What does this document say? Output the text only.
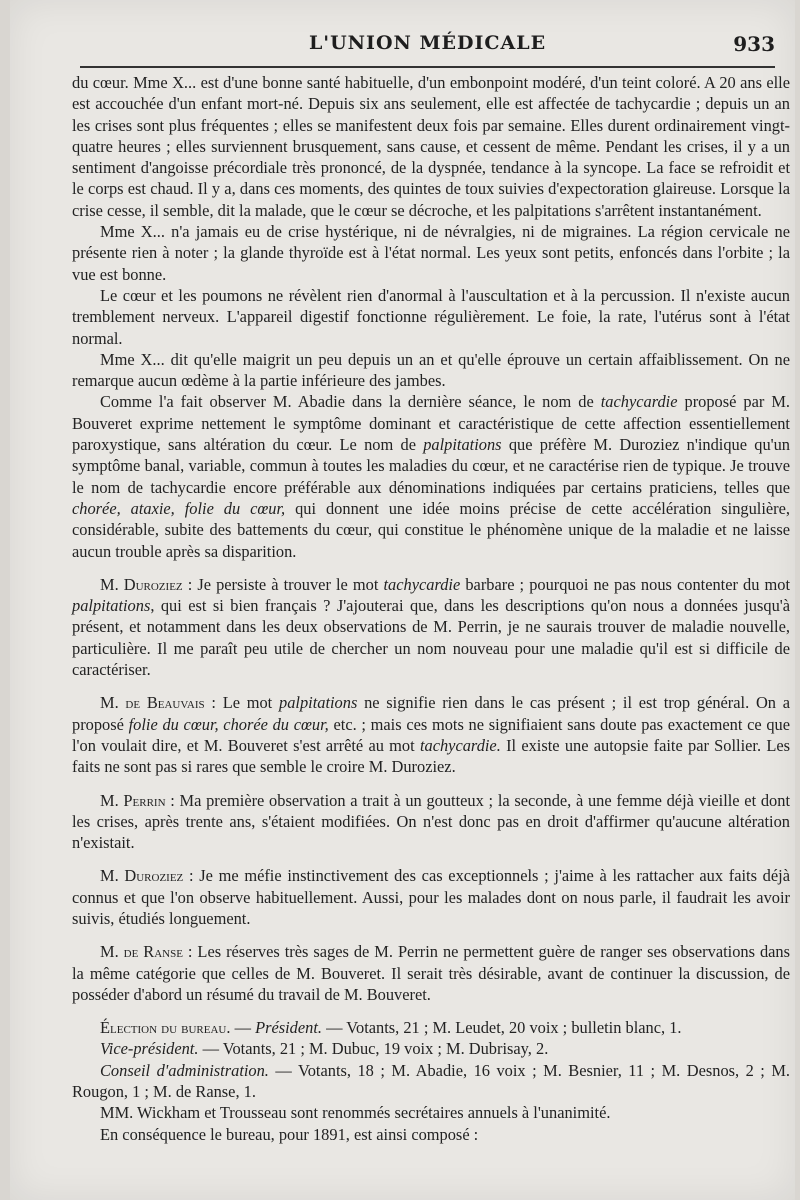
L'UNION MÉDICALE	933

du cœur. Mme X... est d'une bonne santé habituelle, d'un embonpoint modéré, d'un teint coloré. A 20 ans elle est accouchée d'un enfant mort-né. Depuis six ans seulement, elle est affectée de tachycardie ; depuis un an les crises sont plus fréquentes ; elles se manifestent deux fois par semaine. Elles durent ordinairement vingt-quatre heures ; elles surviennent brusquement, sans cause, et cessent de même. Pendant les crises, il y a un sentiment d'angoisse précordiale très prononcé, de la dyspnée, tendance à la syncope. La face se refroidit et le corps est chaud. Il y a, dans ces moments, des quintes de toux suivies d'expectoration glaireuse. Lorsque la crise cesse, il semble, dit la malade, que le cœur se décroche, et les palpitations s'arrêtent instantanément.

Mme X... n'a jamais eu de crise hystérique, ni de névralgies, ni de migraines. La région cervicale ne présente rien à noter ; la glande thyroïde est à l'état normal. Les yeux sont petits, enfoncés dans l'orbite ; la vue est bonne.

Le cœur et les poumons ne révèlent rien d'anormal à l'auscultation et à la percussion. Il n'existe aucun tremblement nerveux. L'appareil digestif fonctionne régulièrement. Le foie, la rate, l'utérus sont à l'état normal.

Mme X... dit qu'elle maigrit un peu depuis un an et qu'elle éprouve un certain affaiblissement. On ne remarque aucun œdème à la partie inférieure des jambes.

Comme l'a fait observer M. Abadie dans la dernière séance, le nom de tachycardie proposé par M. Bouveret exprime nettement le symptôme dominant et caractéristique de cette affection essentiellement paroxystique, sans altération du cœur. Le nom de palpitations que préfère M. Duroziez n'indique qu'un symptôme banal, variable, commun à toutes les maladies du cœur, et ne caractérise rien de typique. Je trouve le nom de tachycardie encore préférable aux dénominations indiquées par certains praticiens, telles que chorée, ataxie, folie du cœur, qui donnent une idée moins précise de cette accélération singulière, considérable, subite des battements du cœur, qui constitue le phénomène unique de la maladie et ne laisse aucun trouble après sa disparition.

M. Duroziez : Je persiste à trouver le mot tachycardie barbare ; pourquoi ne pas nous contenter du mot palpitations, qui est si bien français ? J'ajouterai que, dans les descriptions qu'on nous a données jusqu'à présent, et notamment dans les deux observations de M. Perrin, je ne saurais trouver de maladie nouvelle, particulière. Il me paraît peu utile de chercher un nom nouveau pour une maladie qu'il est si difficile de caractériser.

M. de Beauvais : Le mot palpitations ne signifie rien dans le cas présent ; il est trop général. On a proposé folie du cœur, chorée du cœur, etc. ; mais ces mots ne signifiaient sans doute pas exactement ce que l'on voulait dire, et M. Bouveret s'est arrêté au mot tachycardie. Il existe une autopsie faite par Sollier. Les faits ne sont pas si rares que semble le croire M. Duroziez.

M. Perrin : Ma première observation a trait à un goutteux ; la seconde, à une femme déjà vieille et dont les crises, après trente ans, s'étaient modifiées. On n'est donc pas en droit d'affirmer qu'aucune altération n'existait.

M. Duroziez : Je me méfie instinctivement des cas exceptionnels ; j'aime à les rattacher aux faits déjà connus et que l'on observe habituellement. Aussi, pour les malades dont on nous parle, il faudrait les avoir suivis, étudiés longuement.

M. de Ranse : Les réserves très sages de M. Perrin ne permettent guère de ranger ses observations dans la même catégorie que celles de M. Bouveret. Il serait très désirable, avant de continuer la discussion, de posséder d'abord un résumé du travail de M. Bouveret.

Élection du bureau. — Président. — Votants, 21 ; M. Leudet, 20 voix ; bulletin blanc, 1.

Vice-président. — Votants, 21 ; M. Dubuc, 19 voix ; M. Dubrisay, 2.

Conseil d'administration. — Votants, 18 ; M. Abadie, 16 voix ; M. Besnier, 11 ; M. Desnos, 2 ; M. Rougon, 1 ; M. de Ranse, 1.

MM. Wickham et Trousseau sont renommés secrétaires annuels à l'unanimité.

En conséquence le bureau, pour 1891, est ainsi composé :
